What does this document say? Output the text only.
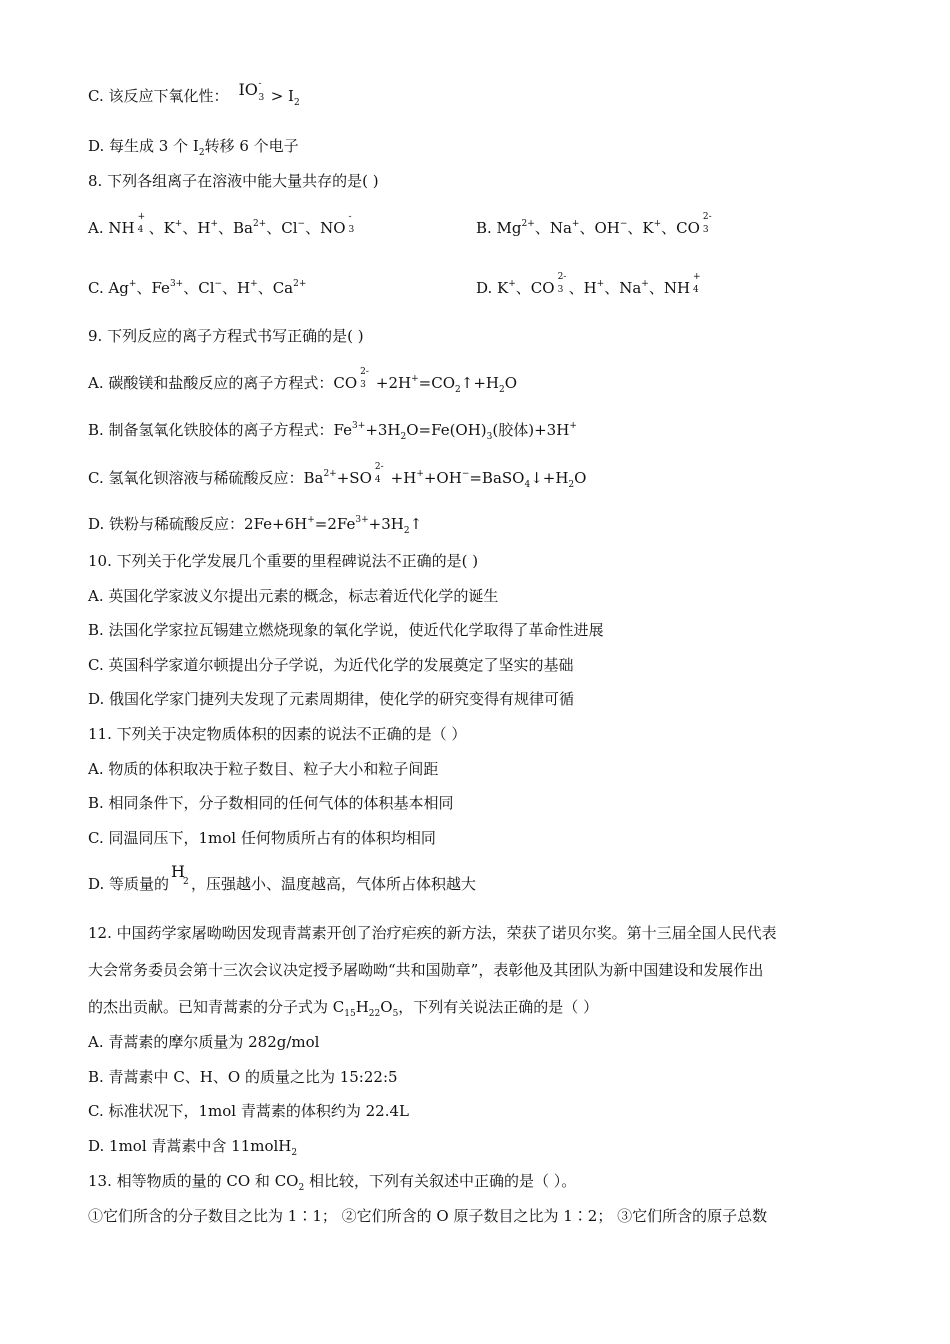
C. 该反应下氧化性： IO -
$3 > I_2$
D. 每生成 3 个 $I_2$转移 6 个电子
8. 下列各组离子在溶液中能大量共存的是( )
A. NH
+
4 、K+、H+、$Ba^{2+}$、Cl−、NO
-
3	B. $Mg^{2+}$、Na+、OH−、K+、CO
2-
3
C. Ag+、$Fe^{3+}$、Cl−、H+、$Ca^{2+}$	D. K+、CO
2-
3 、H+、Na+、NH
+
4
9. 下列反应的离子方程式书写正确的是( )
A. 碳酸镁和盐酸反应的离子方程式：CO
2-
$3 +2H^+=CO_2↑+H_2O$
B. 制备氢氧化铁胶体的离子方程式：$Fe^{3+}+3H_2O=Fe(OH)_3$(胶体)+3H+
C. 氢氧化钡溶液与稀硫酸反应：$Ba^{2+}+SO$
2-
$4 +H^++OH^-=BaSO_4↓+H_2O$
D. 铁粉与稀硫酸反应：$2Fe+6H^+=2Fe^{3+}+3H_2↑$
10. 下列关于化学发展几个重要的里程碑说法不正确的是( )
A. 英国化学家波义尔提出元素的概念，标志着近代化学的诞生
B. 法国化学家拉瓦锡建立燃烧现象的氧化学说，使近代化学取得了革命性进展
C. 英国科学家道尔顿提出分子学说，为近代化学的发展奠定了坚实的基础
D. 俄国化学家门捷列夫发现了元素周期律，使化学的研究变得有规律可循
11. 下列关于决定物质体积的因素的说法不正确的是（ ）
A. 物质的体积取决于粒子数目、粒子大小和粒子间距
B. 相同条件下，分子数相同的任何气体的体积基本相同
C. 同温同压下，1mol 任何物质所占有的体积均相同
D. 等质量的
H
2 ，压强越小、温度越高，气体所占体积越大
12. 中国药学家屠呦呦因发现青蒿素开创了治疗疟疾的新方法，荣获了诺贝尔奖。第十三届全国人民代表
大会常务委员会第十三次会议决定授予屠呦呦“共和国勋章”，表彰他及其团队为新中国建设和发展作出
的杰出贡献。已知青蒿素的分子式为 $C_{15}H_{22}O_5$，下列有关说法正确的是（ ）
A. 青蒿素的摩尔质量为 282g/mol
B. 青蒿素中 C、H、O 的质量之比为 15:22:5
C. 标准状况下，1mol 青蒿素的体积约为 22.4L
D. 1mol 青蒿素中含 11molH$_2$
13. 相等物质的量的 CO 和 $CO_2$ 相比较，下列有关叙述中正确的是（ ）。
①它们所含的分子数目之比为 1∶1； ②它们所含的 O 原子数目之比为 1∶2； ③它们所含的原子总数
